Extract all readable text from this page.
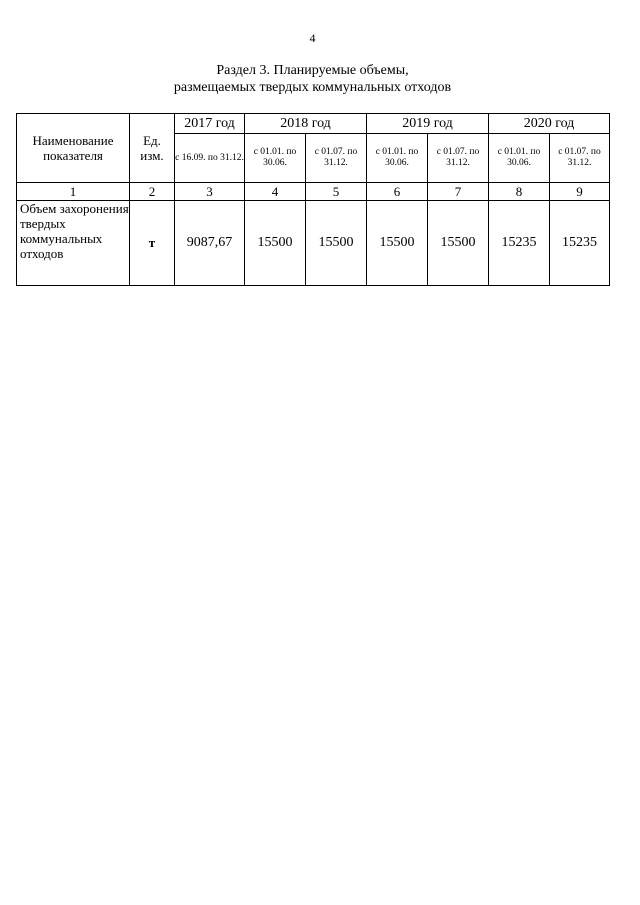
4
Раздел 3. Планируемые объемы,
размещаемых твердых коммунальных отходов
Наименование показателя	Ед. изм.	2017 год	2018 год		2019 год		2020 год	
		с 16.09. по 31.12.	с 01.01. по 30.06.	с 01.07. по 31.12.	с 01.01. по 30.06.	с 01.07. по 31.12.	с 01.01. по 30.06.	с 01.07. по 31.12.
1	2	3	4	5	6	7	8	9
Объем захоронения твердых коммунальных отходов	т	9087,67	15500	15500	15500	15500	15235	15235
